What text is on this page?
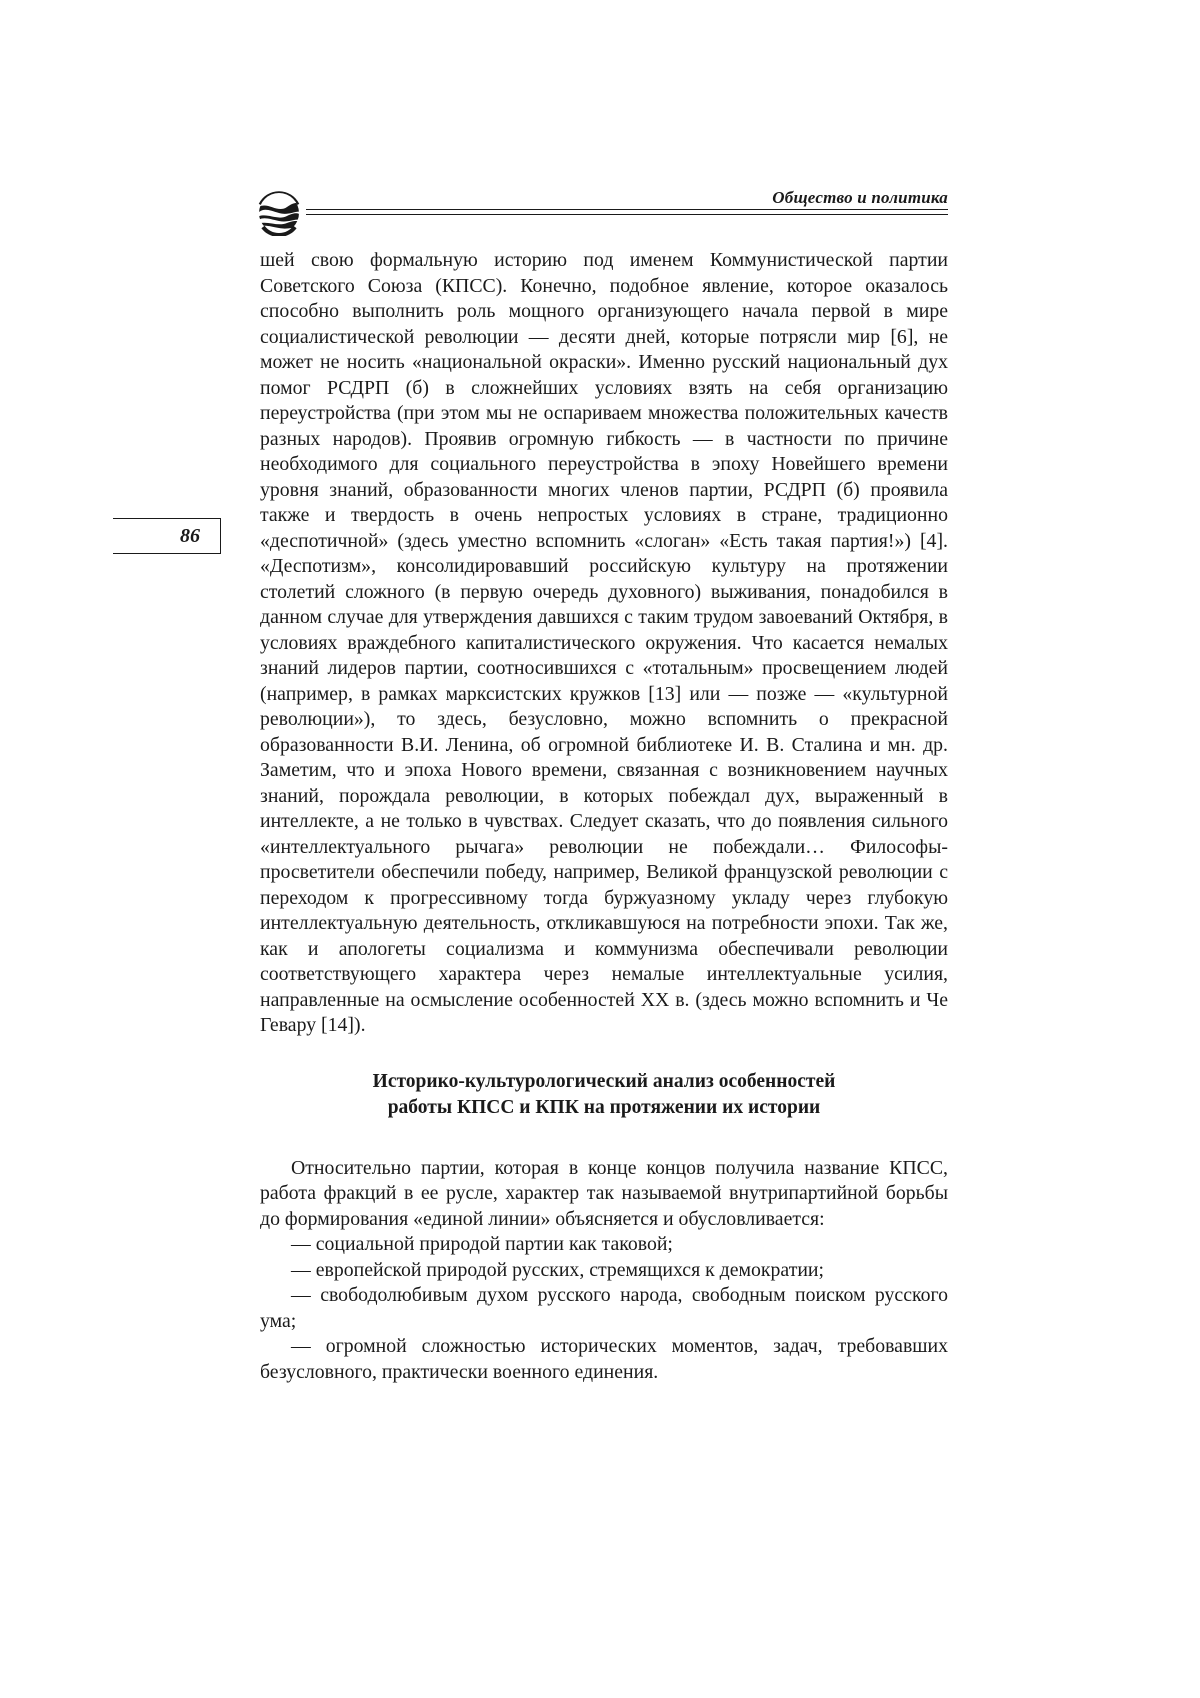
Общество и политика
86

шей свою формальную историю под именем Коммунистической партии Советского Союза (КПСС). Конечно, подобное явление, которое оказалось способно выполнить роль мощного организующего начала первой в мире социалистической революции — десяти дней, которые потрясли мир [6], не может не носить «национальной окраски». Именно русский национальный дух помог РСДРП (б) в сложнейших условиях взять на себя организацию переустройства (при этом мы не оспариваем множества положительных качеств разных народов). Проявив огромную гибкость — в частности по причине необходимого для социального переустройства в эпоху Новейшего времени уровня знаний, образованности многих членов партии, РСДРП (б) проявила также и твердость в очень непростых условиях в стране, традиционно «деспотичной» (здесь уместно вспомнить «слоган» «Есть такая партия!») [4]. «Деспотизм», консолидировавший российскую культуру на протяжении столетий сложного (в первую очередь духовного) выживания, понадобился в данном случае для утверждения давшихся с таким трудом завоеваний Октября, в условиях враждебного капиталистического окружения. Что касается немалых знаний лидеров партии, соотносившихся с «тотальным» просвещением людей (например, в рамках марксистских кружков [13] или — позже — «культурной революции»), то здесь, безусловно, можно вспомнить о прекрасной образованности В.И. Ленина, об огромной библиотеке И. В. Сталина и мн. др. Заметим, что и эпоха Нового времени, связанная с возникновением научных знаний, порождала революции, в которых побеждал дух, выраженный в интеллекте, а не только в чувствах. Следует сказать, что до появления сильного «интеллектуального рычага» революции не побеждали… Философы-просветители обеспечили победу, например, Великой французской революции с переходом к прогрессивному тогда буржуазному укладу через глубокую интеллектуальную деятельность, откликавшуюся на потребности эпохи. Так же, как и апологеты социализма и коммунизма обеспечивали революции соответствующего характера через немалые интеллектуальные усилия, направленные на осмысление особенностей XX в. (здесь можно вспомнить и Че Гевару [14]).

Историко-культурологический анализ особенностей
работы КПСС и КПК на протяжении их истории

Относительно партии, которая в конце концов получила название КПСС, работа фракций в ее русле, характер так называемой внутрипартийной борьбы до формирования «единой линии» объясняется и обусловливается:

— социальной природой партии как таковой;

— европейской природой русских, стремящихся к демократии;

— свободолюбивым духом русского народа, свободным поиском русского ума;

— огромной сложностью исторических моментов, задач, требовавших безусловного, практически военного единения.
